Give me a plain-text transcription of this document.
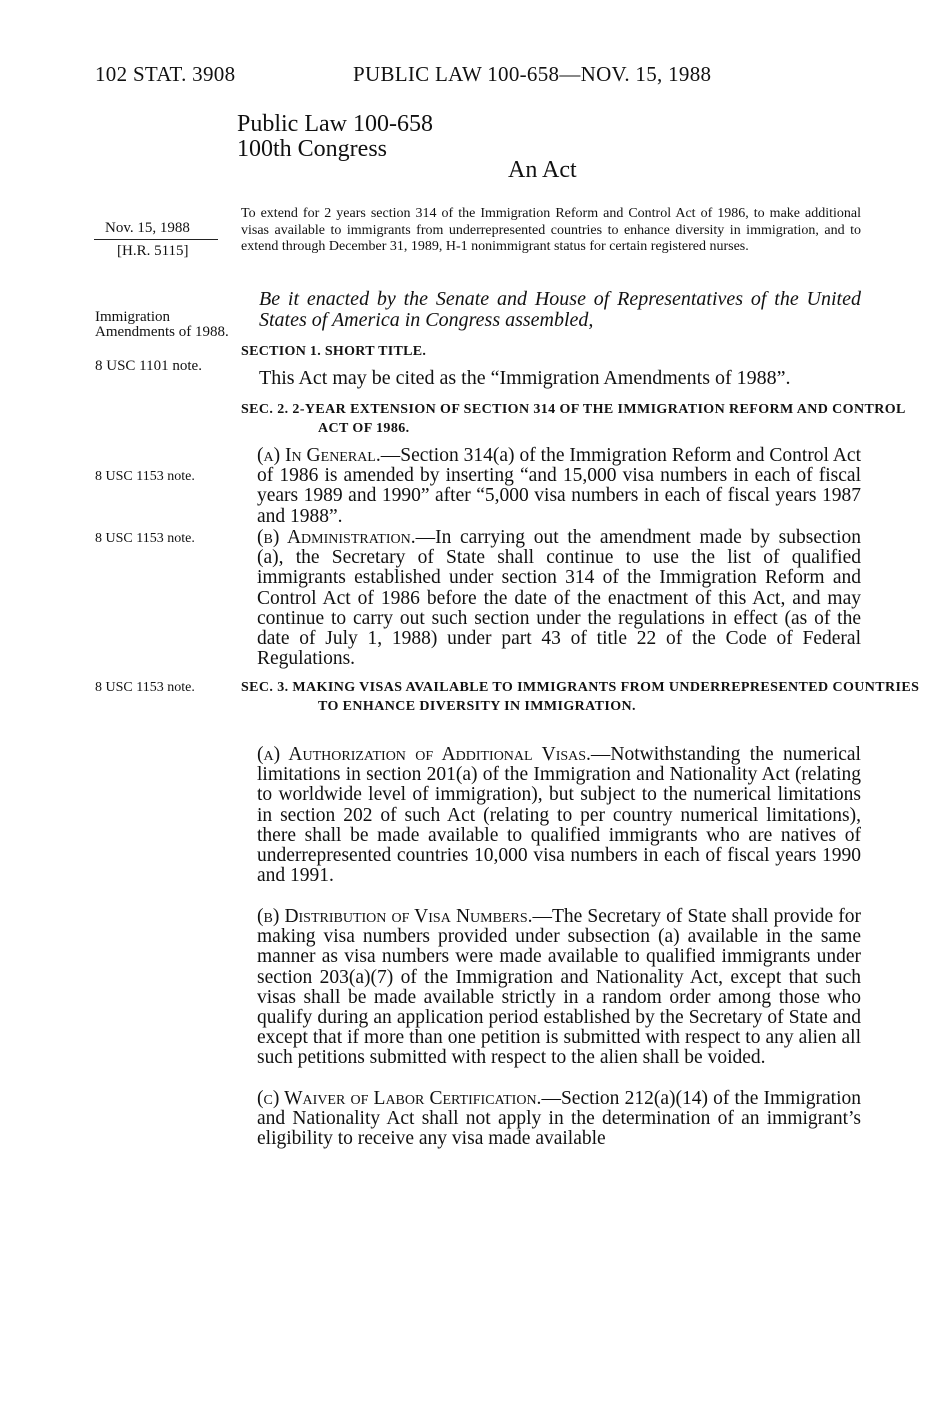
102 STAT. 3908	PUBLIC LAW 100-658—NOV. 15, 1988
Public Law 100-658
100th Congress
An Act
Nov. 15, 1988
[H.R. 5115]
Immigration Amendments of 1988.
8 USC 1101 note.
8 USC 1153 note.
8 USC 1153 note.
8 USC 1153 note.
To extend for 2 years section 314 of the Immigration Reform and Control Act of 1986, to make additional visas available to immigrants from underrepresented countries to enhance diversity in immigration, and to extend through December 31, 1989, H-1 nonimmigrant status for certain registered nurses.
Be it enacted by the Senate and House of Representatives of the United States of America in Congress assembled,
SECTION 1. SHORT TITLE.
This Act may be cited as the “Immigration Amendments of 1988”.
SEC. 2. 2-YEAR EXTENSION OF SECTION 314 OF THE IMMIGRATION REFORM AND CONTROL ACT OF 1986.
(a) In General.—Section 314(a) of the Immigration Reform and Control Act of 1986 is amended by inserting “and 15,000 visa numbers in each of fiscal years 1989 and 1990” after “5,000 visa numbers in each of fiscal years 1987 and 1988”.
(b) Administration.—In carrying out the amendment made by subsection (a), the Secretary of State shall continue to use the list of qualified immigrants established under section 314 of the Immigration Reform and Control Act of 1986 before the date of the enactment of this Act, and may continue to carry out such section under the regulations in effect (as of the date of July 1, 1988) under part 43 of title 22 of the Code of Federal Regulations.
SEC. 3. MAKING VISAS AVAILABLE TO IMMIGRANTS FROM UNDERREPRESENTED COUNTRIES TO ENHANCE DIVERSITY IN IMMIGRATION.
(a) Authorization of Additional Visas.—Notwithstanding the numerical limitations in section 201(a) of the Immigration and Nationality Act (relating to worldwide level of immigration), but subject to the numerical limitations in section 202 of such Act (relating to per country numerical limitations), there shall be made available to qualified immigrants who are natives of underrepresented countries 10,000 visa numbers in each of fiscal years 1990 and 1991.
(b) Distribution of Visa Numbers.—The Secretary of State shall provide for making visa numbers provided under subsection (a) available in the same manner as visa numbers were made available to qualified immigrants under section 203(a)(7) of the Immigration and Nationality Act, except that such visas shall be made available strictly in a random order among those who qualify during an application period established by the Secretary of State and except that if more than one petition is submitted with respect to any alien all such petitions submitted with respect to the alien shall be voided.
(c) Waiver of Labor Certification.—Section 212(a)(14) of the Immigration and Nationality Act shall not apply in the determination of an immigrant’s eligibility to receive any visa made available
